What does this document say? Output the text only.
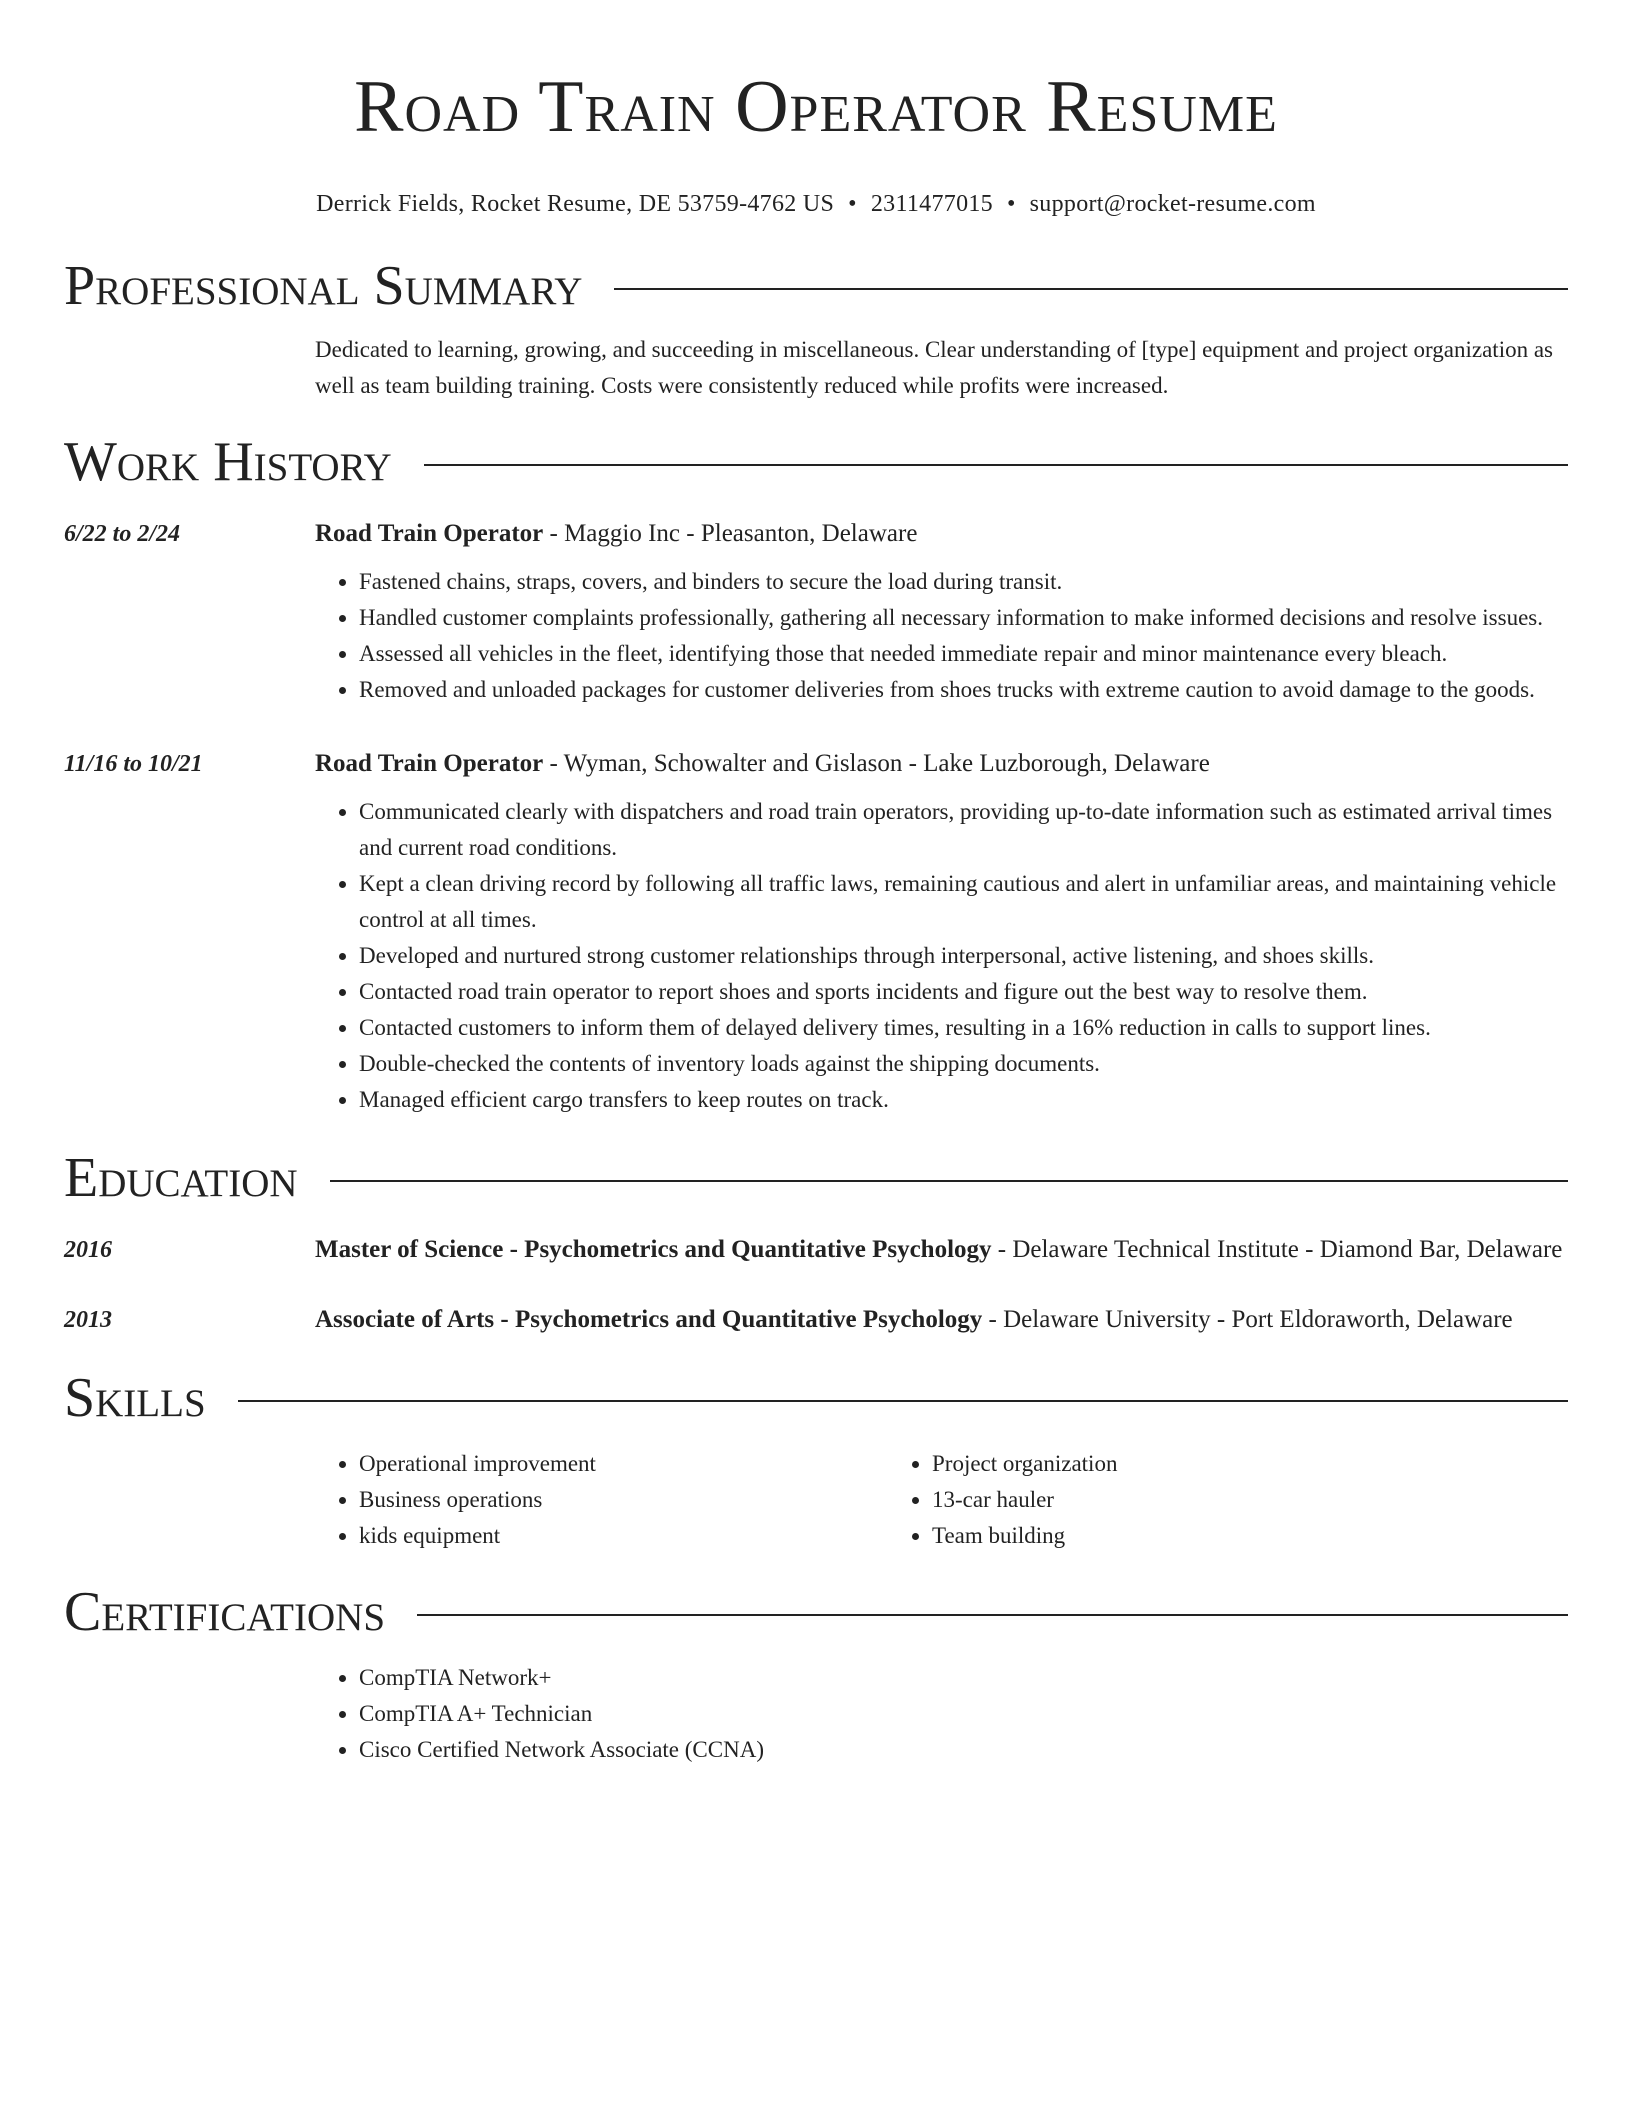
Road Train Operator Resume
Derrick Fields, Rocket Resume, DE 53759-4762 US • 2311477015 • support@rocket-resume.com
Professional Summary
Dedicated to learning, growing, and succeeding in miscellaneous. Clear understanding of [type] equipment and project organization as well as team building training. Costs were consistently reduced while profits were increased.
Work History
6/22 to 2/24	Road Train Operator - Maggio Inc - Pleasanton, Delaware
• Fastened chains, straps, covers, and binders to secure the load during transit.
• Handled customer complaints professionally, gathering all necessary information to make informed decisions and resolve issues.
• Assessed all vehicles in the fleet, identifying those that needed immediate repair and minor maintenance every bleach.
• Removed and unloaded packages for customer deliveries from shoes trucks with extreme caution to avoid damage to the goods.
11/16 to 10/21	Road Train Operator - Wyman, Schowalter and Gislason - Lake Luzborough, Delaware
• Communicated clearly with dispatchers and road train operators, providing up-to-date information such as estimated arrival times and current road conditions.
• Kept a clean driving record by following all traffic laws, remaining cautious and alert in unfamiliar areas, and maintaining vehicle control at all times.
• Developed and nurtured strong customer relationships through interpersonal, active listening, and shoes skills.
• Contacted road train operator to report shoes and sports incidents and figure out the best way to resolve them.
• Contacted customers to inform them of delayed delivery times, resulting in a 16% reduction in calls to support lines.
• Double-checked the contents of inventory loads against the shipping documents.
• Managed efficient cargo transfers to keep routes on track.
Education
2016	Master of Science - Psychometrics and Quantitative Psychology - Delaware Technical Institute - Diamond Bar, Delaware
2013	Associate of Arts - Psychometrics and Quantitative Psychology - Delaware University - Port Eldoraworth, Delaware
Skills
• Operational improvement
• Business operations
• kids equipment
• Project organization
• 13-car hauler
• Team building
Certifications
• CompTIA Network+
• CompTIA A+ Technician
• Cisco Certified Network Associate (CCNA)
